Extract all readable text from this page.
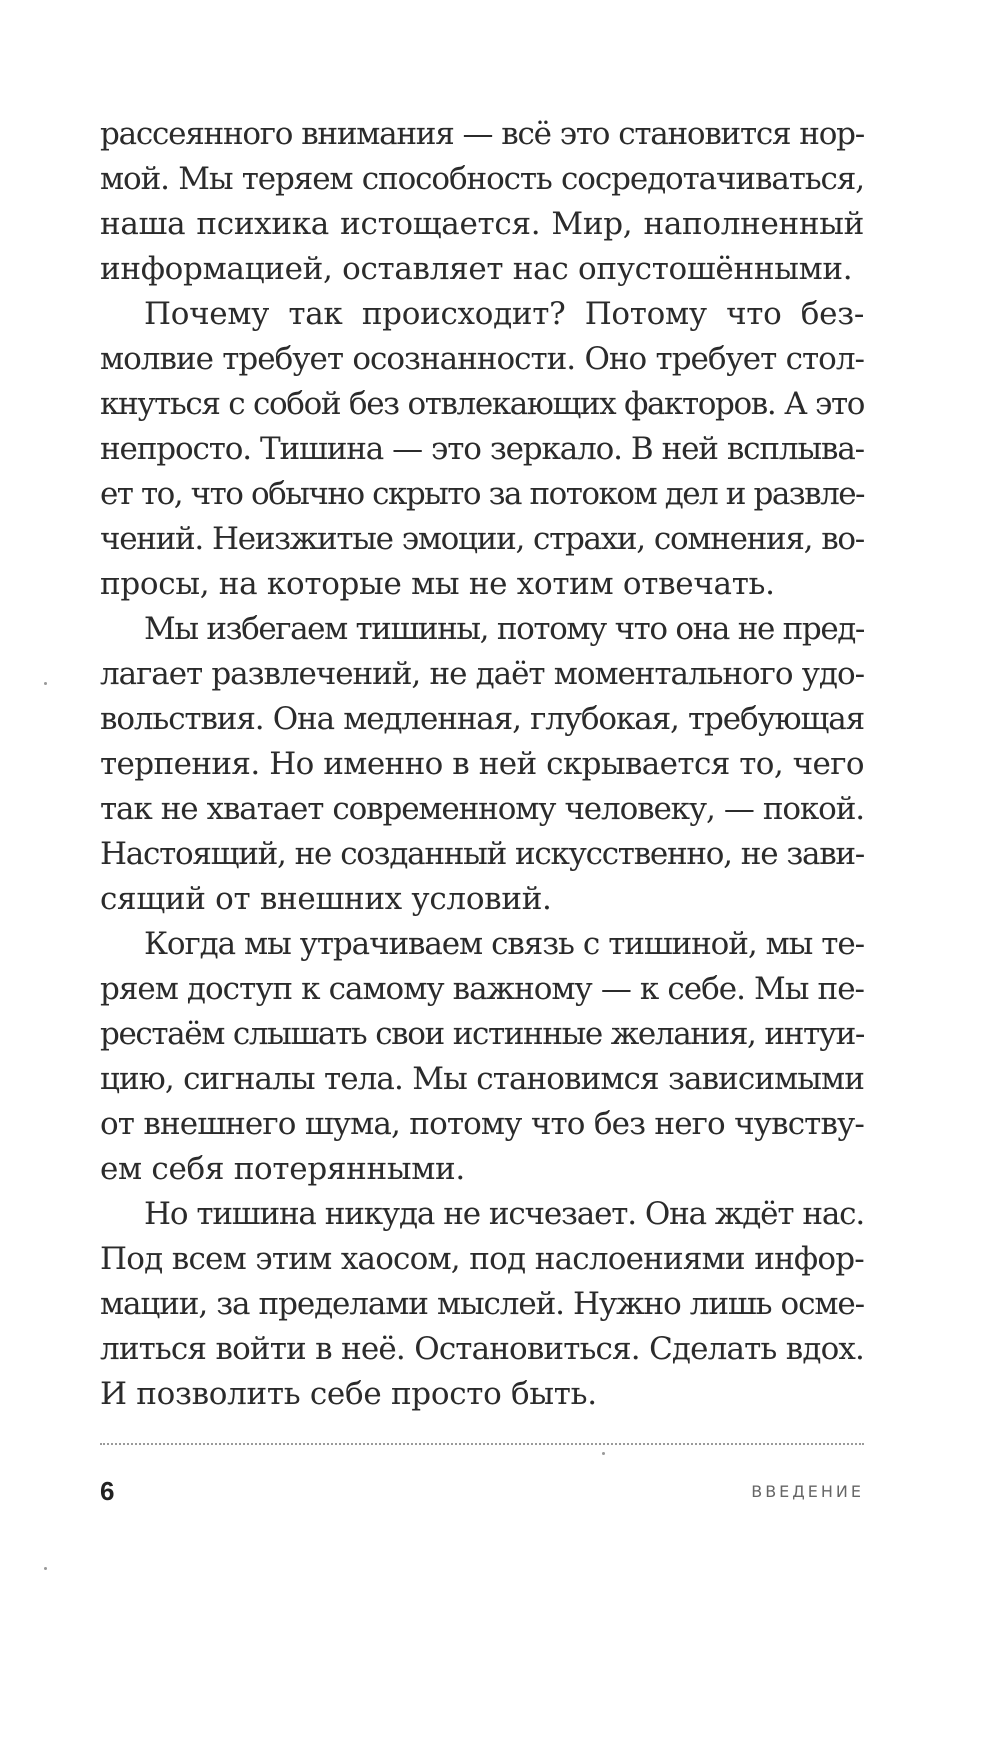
рассеянного внимания — всё это становится нор-
мой. Мы теряем способность сосредотачиваться,
наша психика истощается. Мир, наполненный
информацией, оставляет нас опустошёнными.
Почему так происходит? Потому что без-
молвие требует осознанности. Оно требует стол-
кнуться с собой без отвлекающих факторов. А это
непросто. Тишина — это зеркало. В ней всплыва-
ет то, что обычно скрыто за потоком дел и развле-
чений. Неизжитые эмоции, страхи, сомнения, во-
просы, на которые мы не хотим отвечать.
Мы избегаем тишины, потому что она не пред-
лагает развлечений, не даёт моментального удо-
вольствия. Она медленная, глубокая, требующая
терпения. Но именно в ней скрывается то, чего
так не хватает современному человеку, — покой.
Настоящий, не созданный искусственно, не зави-
сящий от внешних условий.
Когда мы утрачиваем связь с тишиной, мы те-
ряем доступ к самому важному — к себе. Мы пе-
рестаём слышать свои истинные желания, интуи-
цию, сигналы тела. Мы становимся зависимыми
от внешнего шума, потому что без него чувству-
ем себя потерянными.
Но тишина никуда не исчезает. Она ждёт нас.
Под всем этим хаосом, под наслоениями инфор-
мации, за пределами мыслей. Нужно лишь осме-
литься войти в неё. Остановиться. Сделать вдох.
И позволить себе просто быть.
6	ВВЕДЕНИЕ
